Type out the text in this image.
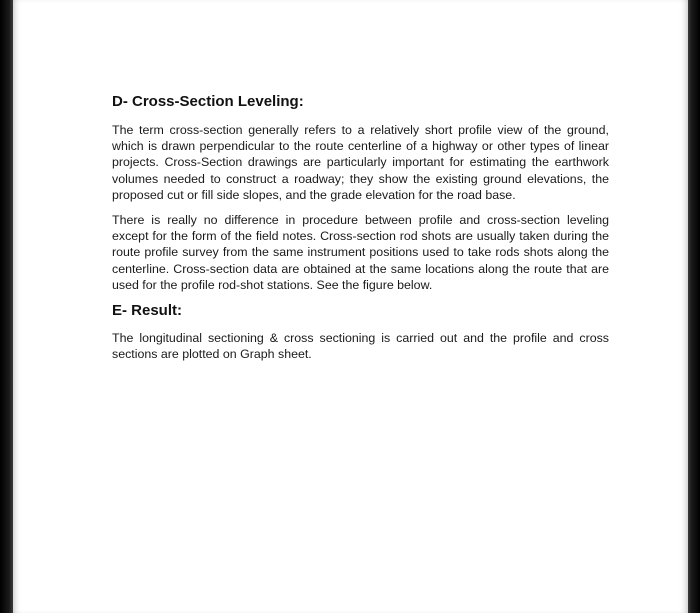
D- Cross-Section Leveling:

The term cross-section generally refers to a relatively short profile view of the ground, which is drawn perpendicular to the route centerline of a highway or other types of linear projects. Cross-Section drawings are particularly important for estimating the earthwork volumes needed to construct a roadway; they show the existing ground elevations, the proposed cut or fill side slopes, and the grade elevation for the road base.

There is really no difference in procedure between profile and cross-section leveling except for the form of the field notes. Cross-section rod shots are usually taken during the route profile survey from the same instrument positions used to take rods shots along the centerline. Cross-section data are obtained at the same locations along the route that are used for the profile rod-shot stations. See the figure below.

E- Result:

The longitudinal sectioning & cross sectioning is carried out and the profile and cross sections are plotted on Graph sheet.
